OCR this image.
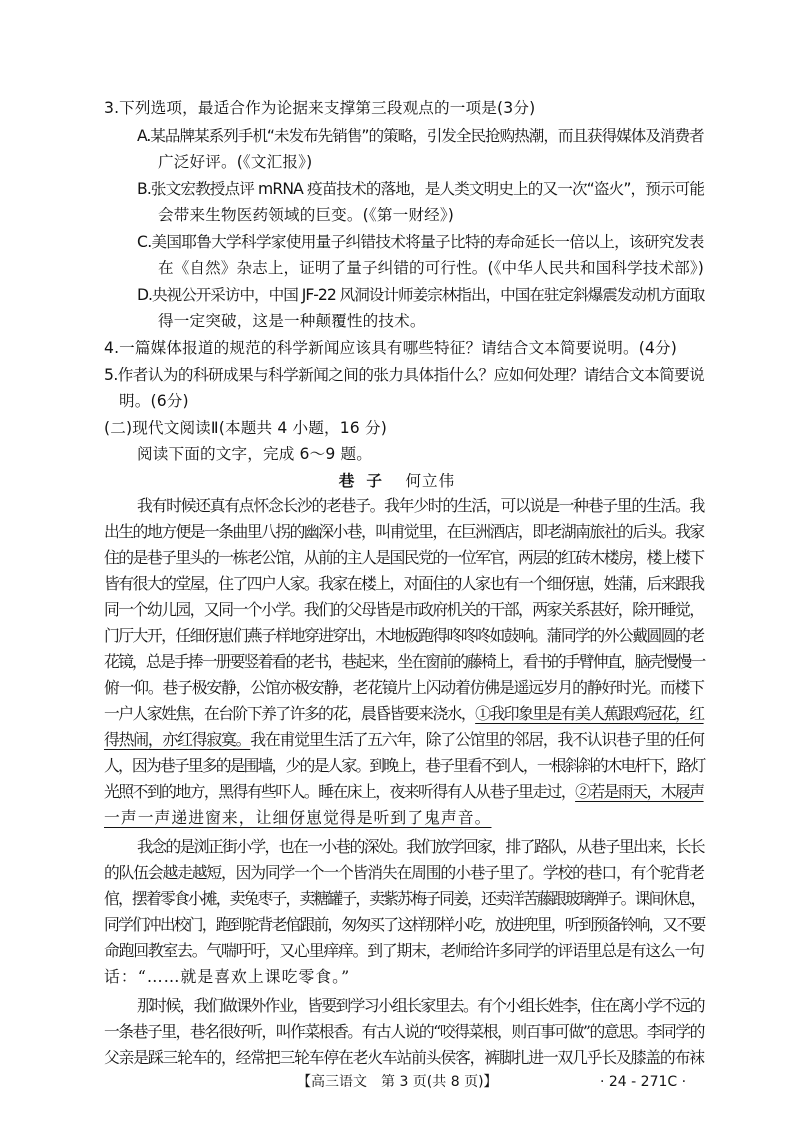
3.下列选项，最适合作为论据来支撑第三段观点的一项是(3分)
A.某品牌某系列手机“未发布先销售”的策略，引发全民抢购热潮，而且获得媒体及消费者
广泛好评。(《文汇报》)
B.张文宏教授点评 mRNA 疫苗技术的落地，是人类文明史上的又一次“盗火”，预示可能
会带来生物医药领域的巨变。(《第一财经》)
C.美国耶鲁大学科学家使用量子纠错技术将量子比特的寿命延长一倍以上，该研究发表
在《自然》杂志上，证明了量子纠错的可行性。(《中华人民共和国科学技术部》)
D.央视公开采访中，中国 JF-22 风洞设计师姜宗林指出，中国在驻定斜爆震发动机方面取
得一定突破，这是一种颠覆性的技术。
4.一篇媒体报道的规范的科学新闻应该具有哪些特征？请结合文本简要说明。(4分)
5.作者认为的科研成果与科学新闻之间的张力具体指什么？应如何处理？请结合文本简要说
明。(6分)
(二)现代文阅读Ⅱ(本题共 4 小题，16 分)
阅读下面的文字，完成 6～9 题。
巷子 何立伟
我有时候还真有点怀念长沙的老巷子。我年少时的生活，可以说是一种巷子里的生活。我
出生的地方便是一条曲里八拐的幽深小巷，叫甫觉里，在巨洲酒店，即老湖南旅社的后头。我家
住的是巷子里头的一栋老公馆，从前的主人是国民党的一位军官，两层的红砖木楼房，楼上楼下
皆有很大的堂屋，住了四户人家。我家在楼上，对面住的人家也有一个细伢崽，姓蒲，后来跟我
同一个幼儿园，又同一个小学。我们的父母皆是市政府机关的干部，两家关系甚好，除开睡觉，
门厅大开，任细伢崽们燕子样地穿进穿出，木地板跑得咚咚咚如鼓响。蒲同学的外公戴圆圆的老
花镜，总是手捧一册要竖着看的老书，巷起来，坐在窗前的藤椅上，看书的手臂伸直，脑壳慢慢一
俯一仰。巷子极安静，公馆亦极安静，老花镜片上闪动着仿佛是遥远岁月的静好时光。而楼下
一户人家姓焦，在台阶下养了许多的花，晨昏皆要来浇水，①我印象里是有美人蕉跟鸡冠花，红
得热闹，亦红得寂寞。我在甫觉里生活了五六年，除了公馆里的邻居，我不认识巷子里的任何
人，因为巷子里多的是围墙，少的是人家。到晚上，巷子里看不到人，一根斜斜的木电杆下，路灯
光照不到的地方，黑得有些吓人。睡在床上，夜来听得有人从巷子里走过，②若是雨天，木屐声
一声一声递进窗来，让细伢崽觉得是听到了鬼声音。
我念的是浏正街小学，也在一小巷的深处。我们放学回家，排了路队，从巷子里出来，长长
的队伍会越走越短，因为同学一个一个皆消失在周围的小巷子里了。学校的巷口，有个驼背老
倌，摆着零食小摊，卖兔枣子，卖糖罐子，卖紫苏梅子同姜，还卖洋苦藤跟玻璃弹子。课间休息，
同学们冲出校门，跑到驼背老倌跟前，匆匆买了这样那样小吃，放进兜里，听到预备铃响，又不要
命跑回教室去。气喘吁吁，又心里痒痒。到了期末，老师给许多同学的评语里总是有这么一句
话：“……就是喜欢上课吃零食。”
那时候，我们做课外作业，皆要到学习小组长家里去。有个小组长姓李，住在离小学不远的
一条巷子里，巷名很好听，叫作菜根香。有古人说的“咬得菜根，则百事可做”的意思。李同学的
父亲是踩三轮车的，经常把三轮车停在老火车站前头侯客，裤脚扎进一双几乎长及膝盖的布袜
【高三语文　第 3 页(共 8 页)】	· 24 - 271C ·
